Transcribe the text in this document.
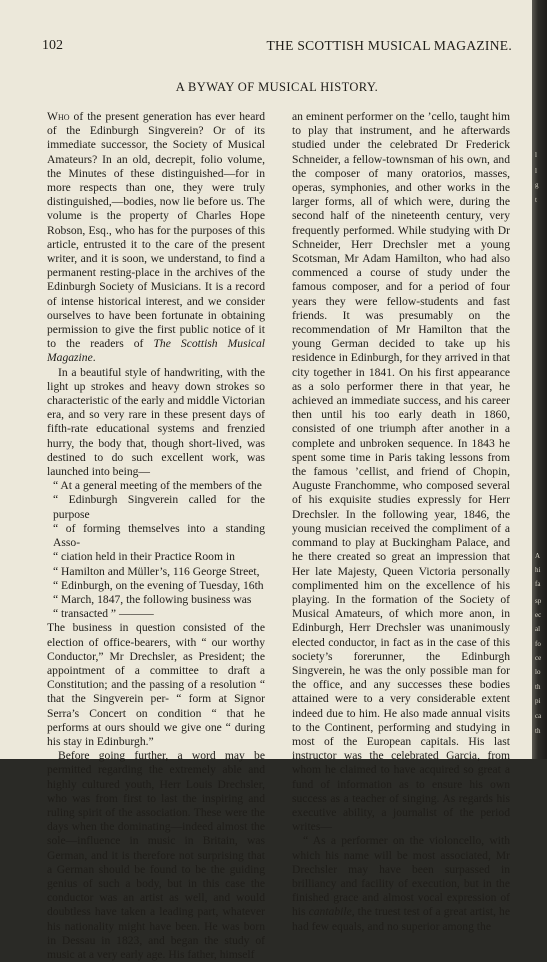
102	THE SCOTTISH MUSICAL MAGAZINE.
A BYWAY OF MUSICAL HISTORY.

Who of the present generation has ever heard of the Edinburgh Singverein? Or of its immediate successor, the Society of Musical Amateurs? In an old, decrepit, folio volume, the Minutes of these distinguished—for in more respects than one, they were truly distinguished,—bodies, now lie before us. The volume is the property of Charles Hope Robson, Esq., who has for the purposes of this article, entrusted it to the care of the present writer, and it is soon, we understand, to find a permanent resting-place in the archives of the Edinburgh Society of Musicians. It is a record of intense historical interest, and we consider ourselves to have been fortunate in obtaining permission to give the first public notice of it to the readers of The Scottish Musical Magazine.

In a beautiful style of handwriting, with the light up strokes and heavy down strokes so characteristic of the early and middle Victorian era, and so very rare in these present days of fifth-rate educational systems and frenzied hurry, the body that, though short-lived, was destined to do such excellent work, was launched into being—

“ At a general meeting of the members of the

“ Edinburgh Singverein called for the purpose

“ of forming themselves into a standing Asso-

“ ciation held in their Practice Room in

“ Hamilton and Müller’s, 116 George Street,

“ Edinburgh, on the evening of Tuesday, 16th

“ March, 1847, the following business was

“ transacted ” ———

The business in question consisted of the election of office-bearers, with “ our worthy Conductor,” Mr Drechsler, as President; the appointment of a committee to draft a Constitution; and the passing of a resolution “ that the Singverein per- “ form at Signor Serra’s Concert on condition “ that he performs at ours should we give one “ during his stay in Edinburgh.”

Before going further, a word may be permitted regarding the extremely able and highly cultured youth, Herr Louis Drechsler, who was from first to last the inspiring and ruling spirit of the association. These were the days when the dominating—indeed almost the sole—influence in music in Britain, was German, and it is therefore not surprising that a German should be found to be the guiding genius of such a body, but in this case the conductor was an artist as well, and would doubtless have taken a leading part, whatever his nationality might have been. He was born in Dessau in 1823, and began the study of music at a very early age. His father, himself

an eminent performer on the ’cello, taught him to play that instrument, and he afterwards studied under the celebrated Dr Frederick Schneider, a fellow-townsman of his own, and the composer of many oratorios, masses, operas, symphonies, and other works in the larger forms, all of which were, during the second half of the nineteenth century, very frequently performed. While studying with Dr Schneider, Herr Drechsler met a young Scotsman, Mr Adam Hamilton, who had also commenced a course of study under the famous composer, and for a period of four years they were fellow-students and fast friends. It was presumably on the recommendation of Mr Hamilton that the young German decided to take up his residence in Edinburgh, for they arrived in that city together in 1841. On his first appearance as a solo performer there in that year, he achieved an immediate success, and his career then until his too early death in 1860, consisted of one triumph after another in a complete and unbroken sequence. In 1843 he spent some time in Paris taking lessons from the famous ’cellist, and friend of Chopin, Auguste Franchomme, who composed several of his exquisite studies expressly for Herr Drechsler. In the following year, 1846, the young musician received the compliment of a command to play at Buckingham Palace, and he there created so great an impression that Her late Majesty, Queen Victoria personally complimented him on the excellence of his playing. In the formation of the Society of Musical Amateurs, of which more anon, in Edinburgh, Herr Drechsler was unanimously elected conductor, in fact as in the case of this society’s forerunner, the Edinburgh Singverein, he was the only possible man for the office, and any successes these bodies attained were to a very considerable extent indeed due to him. He also made annual visits to the Continent, performing and studying in most of the European capitals. His last instructor was the celebrated Garcia, from whom he claimed to have acquired so great a fund of information as to ensure his own success as a teacher of singing. As regards his executive ability, a journalist of the period writes—

“ As a performer on the violoncello, with which his name will be most associated, Mr Drechsler may have been surpassed in brilliancy and facility of execution, but in the finished grace and almost vocal expression of his cantabile, the truest test of a great artist, he had few equals, and no superior among the

l
l
g
t
A
hi
fa
sp
ec
al
fo
ce
lo
th
pi
ca
th
